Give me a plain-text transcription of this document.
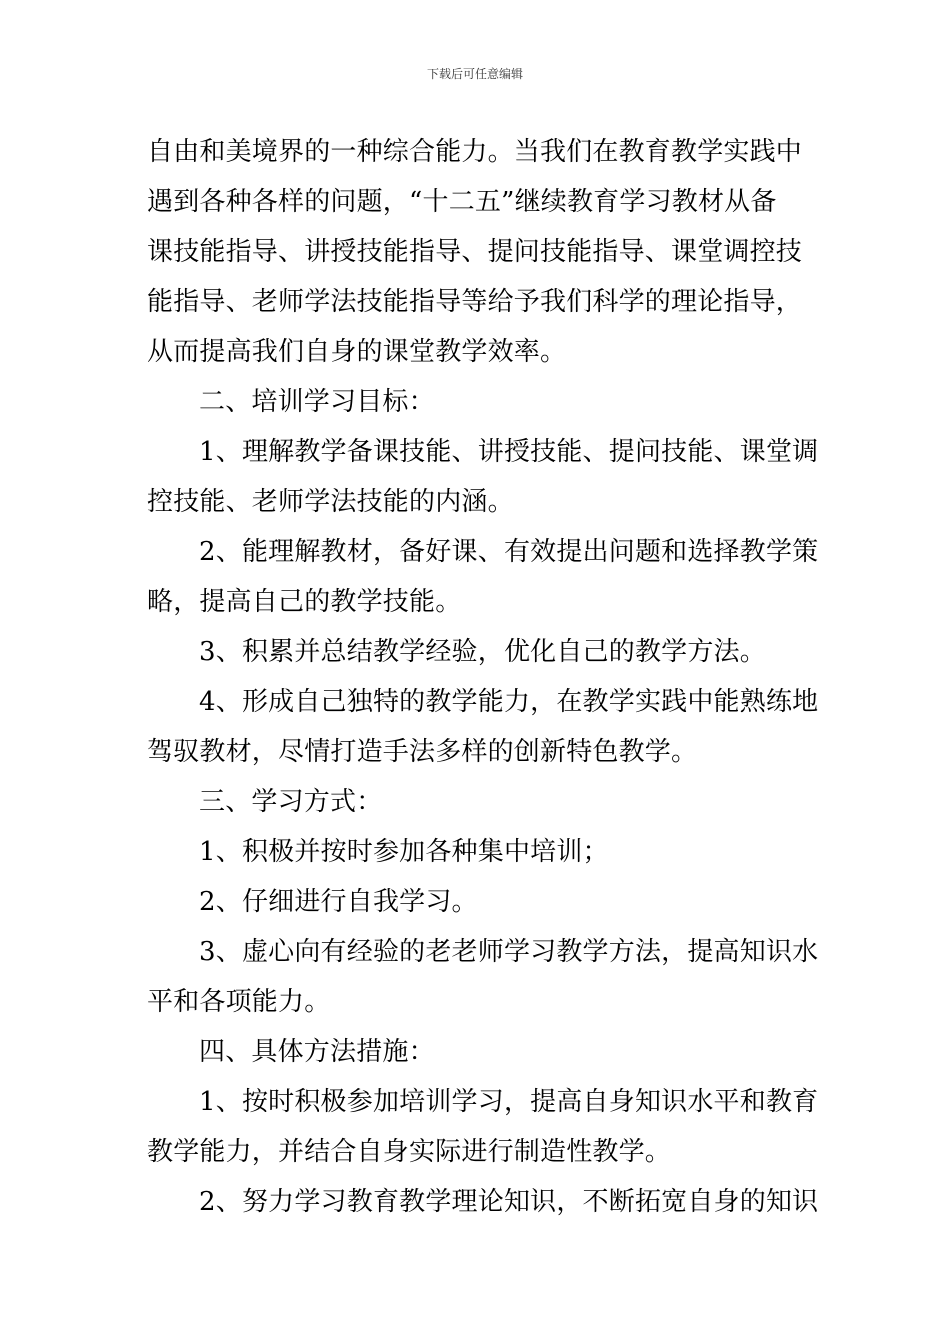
下载后可任意编辑
自由和美境界的一种综合能力。当我们在教育教学实践中
遇到各种各样的问题，“十二五”继续教育学习教材从备
课技能指导、讲授技能指导、提问技能指导、课堂调控技
能指导、老师学法技能指导等给予我们科学的理论指导，
从而提高我们自身的课堂教学效率。
二、培训学习目标：
1、理解教学备课技能、讲授技能、提问技能、课堂调
控技能、老师学法技能的内涵。
2、能理解教材，备好课、有效提出问题和选择教学策
略，提高自己的教学技能。
3、积累并总结教学经验，优化自己的教学方法。
4、形成自己独特的教学能力，在教学实践中能熟练地
驾驭教材，尽情打造手法多样的创新特色教学。
三、学习方式：
1、积极并按时参加各种集中培训；
2、仔细进行自我学习。
3、虚心向有经验的老老师学习教学方法，提高知识水
平和各项能力。
四、具体方法措施：
1、按时积极参加培训学习，提高自身知识水平和教育
教学能力，并结合自身实际进行制造性教学。
2、努力学习教育教学理论知识，不断拓宽自身的知识
